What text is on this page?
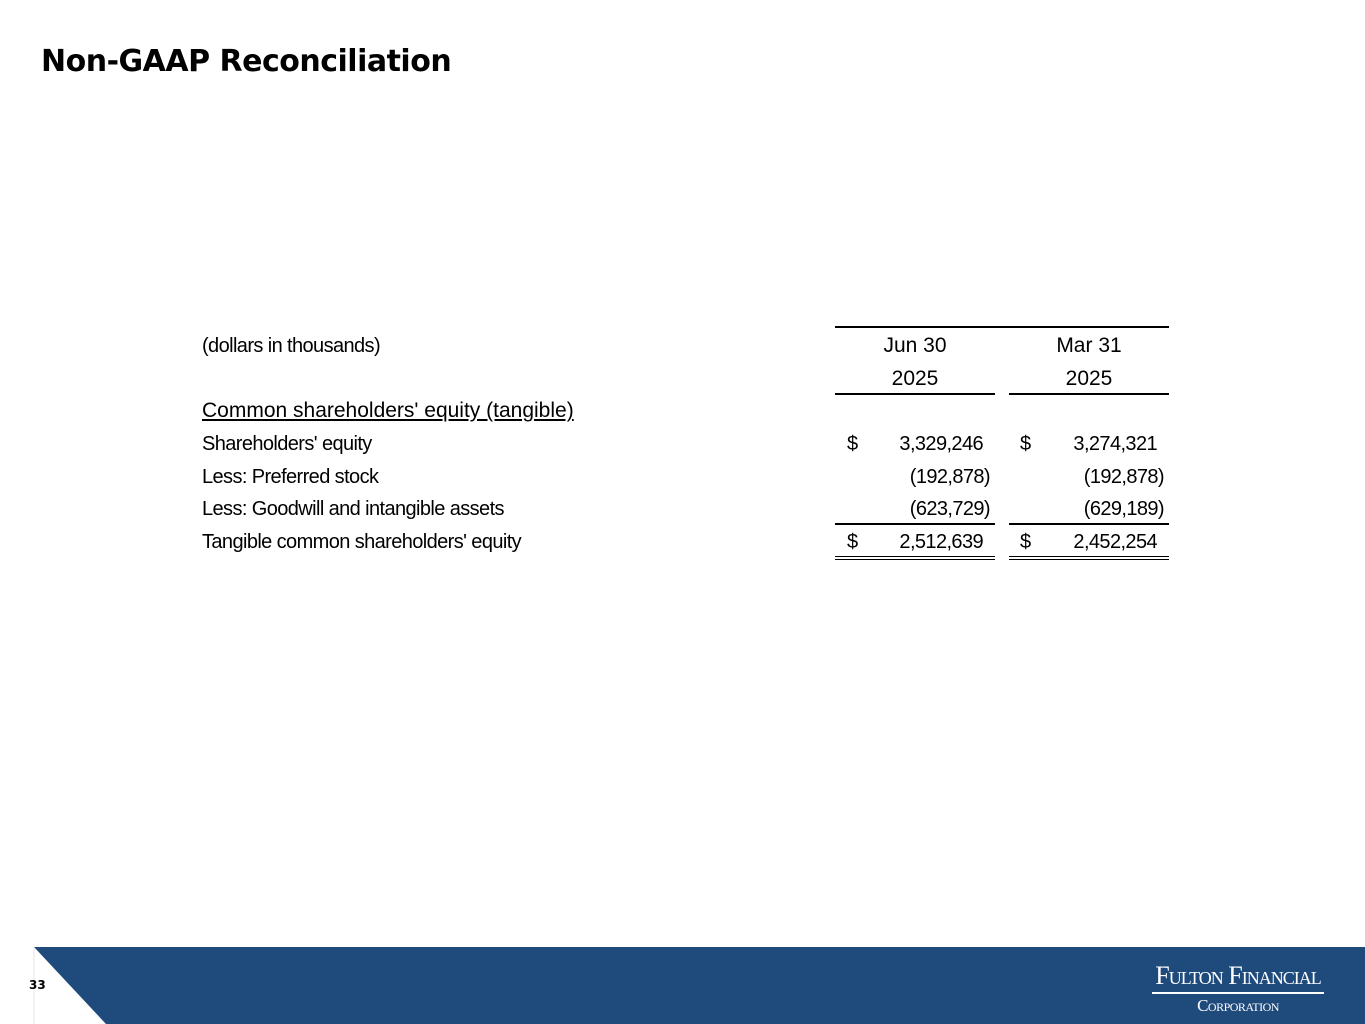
Non-GAAP Reconciliation
(dollars in thousands)	Jun 30	Mar 31
2025	2025
Common shareholders' equity (tangible)
Shareholders' equity	$	3,329,246 $	3,274,321
Less: Preferred stock	(192,878)	(192,878)
Less: Goodwill and intangible assets	(623,729)	(629,189)
Tangible common shareholders' equity	$	2,512,639 $	2,452,254
33	Fulton Financial
Corporation
